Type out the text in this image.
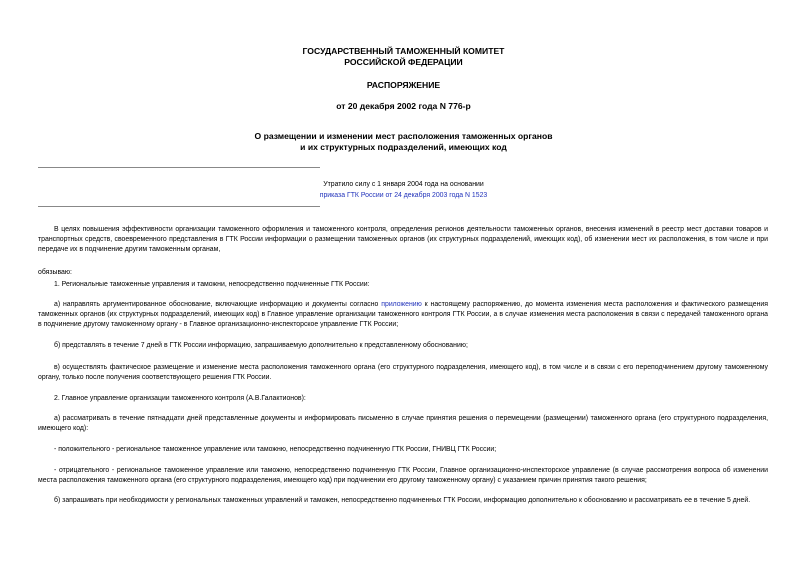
ГОСУДАРСТВЕННЫЙ ТАМОЖЕННЫЙ КОМИТЕТ
РОССИЙСКОЙ ФЕДЕРАЦИИ
РАСПОРЯЖЕНИЕ
от 20 декабря 2002 года N 776-р
О размещении и изменении мест расположения таможенных органов
и их структурных подразделений, имеющих код
Утратило силу с 1 января 2004 года на основании
приказа ГТК России от 24 декабря 2003 года N 1523

В целях повышения эффективности организации таможенного оформления и таможенного контроля, определения регионов деятельности таможенных органов, внесения изменений в реестр мест доставки товаров и транспортных средств, своевременного представления в ГТК России информации о размещении таможенных органов (их структурных подразделений, имеющих код), об изменении мест их расположения, в том числе и при передаче их в подчинение другим таможенным органам,

обязываю:
1. Региональные таможенные управления и таможни, непосредственно подчиненные ГТК России:

а) направлять аргументированное обоснование, включающие информацию и документы согласно приложению к настоящему распоряжению, до момента изменения места расположения и фактического размещения таможенных органов (их структурных подразделений, имеющих код) в Главное управление организации таможенного контроля ГТК России, а в случае изменения места расположения в связи с передачей таможенного органа в подчинение другому таможенному органу - в Главное организационно-инспекторское управление ГТК России;

б) представлять в течение 7 дней в ГТК России информацию, запрашиваемую дополнительно к представленному обоснованию;

в) осуществлять фактическое размещение и изменение места расположения таможенного органа (его структурного подразделения, имеющего код), в том числе и в связи с его переподчинением другому таможенному органу, только после получения соответствующего решения ГТК России.

2. Главное управление организации таможенного контроля (А.В.Галактионов):

а) рассматривать в течение пятнадцати дней представленные документы и информировать письменно в случае принятия решения о перемещении (размещении) таможенного органа (его структурного подразделения, имеющего код):

- положительного - региональное таможенное управление или таможню, непосредственно подчиненную ГТК России, ГНИВЦ ГТК России;

- отрицательного - региональное таможенное управление или таможню, непосредственно подчиненную ГТК России, Главное организационно-инспекторское управление (в случае рассмотрения вопроса об изменении места расположения таможенного органа (его структурного подразделения, имеющего код) при подчинении его другому таможенному органу) с указанием причин принятия такого решения;

б) запрашивать при необходимости у региональных таможенных управлений и таможен, непосредственно подчиненных ГТК России, информацию дополнительно к обоснованию и рассматривать ее в течение 5 дней.
